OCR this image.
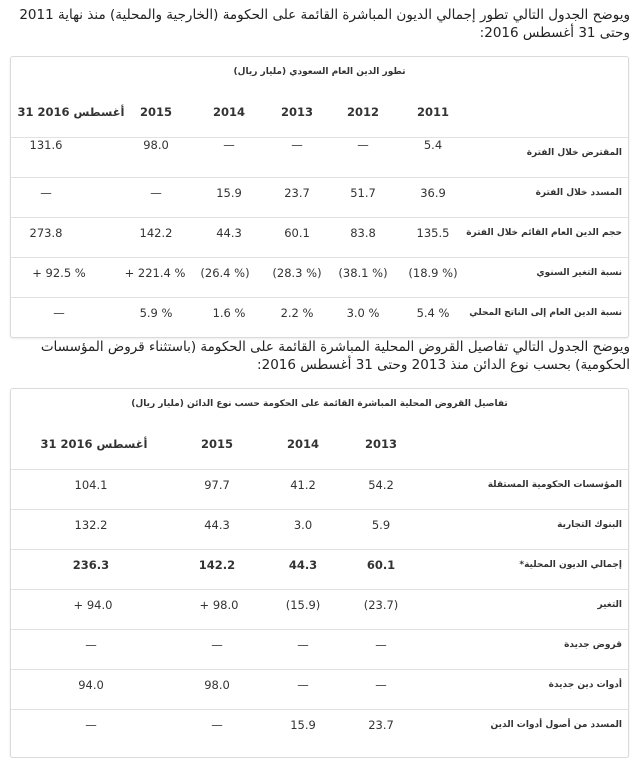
ويوضح الجدول التالي تطور إجمالي الديون المباشرة القائمة على الحكومة (الخارجية والمحلية) منذ نهاية 2011
وحتى 31 أغسطس 2016:
تطور الدين العام السعودي (مليار ريال)
2011
2012
2013
2014
2015
31 أغسطس 2016
المقترض خلال الفترة
5.4
—
—
—
98.0
131.6
المسدد خلال الفترة
36.9
51.7
23.7
15.9
—
—
حجم الدين العام القائم خلال الفترة
135.5
83.8
60.1
44.3
142.2
273.8
نسبة التغير السنوي
(18.9 %)
(38.1 %)
(28.3 %)
(26.4 %)
+ 221.4 %
+ 92.5 %
نسبة الدين العام إلى الناتج المحلي
5.4 %
3.0 %
2.2 %
1.6 %
5.9 %
—
ويوضح الجدول التالي تفاصيل القروض المحلية المباشرة القائمة على الحكومة (باستثناء قروض المؤسسات
الحكومية) بحسب نوع الدائن منذ 2013 وحتى 31 أغسطس 2016:
تفاصيل القروض المحلية المباشرة القائمة على الحكومة حسب نوع الدائن (مليار ريال)
2013
2014
2015
31 أغسطس 2016
المؤسسات الحكومية المستقلة
54.2
41.2
97.7
104.1
البنوك التجارية
5.9
3.0
44.3
132.2
إجمالي الديون المحلية*
60.1
44.3
142.2
236.3
التغير
(23.7)
(15.9)
+ 98.0
+ 94.0
قروض جديدة
—
—
—
—
أدوات دين جديدة
—
—
98.0
94.0
المسدد من أصول أدوات الدين
23.7
15.9
—
—
